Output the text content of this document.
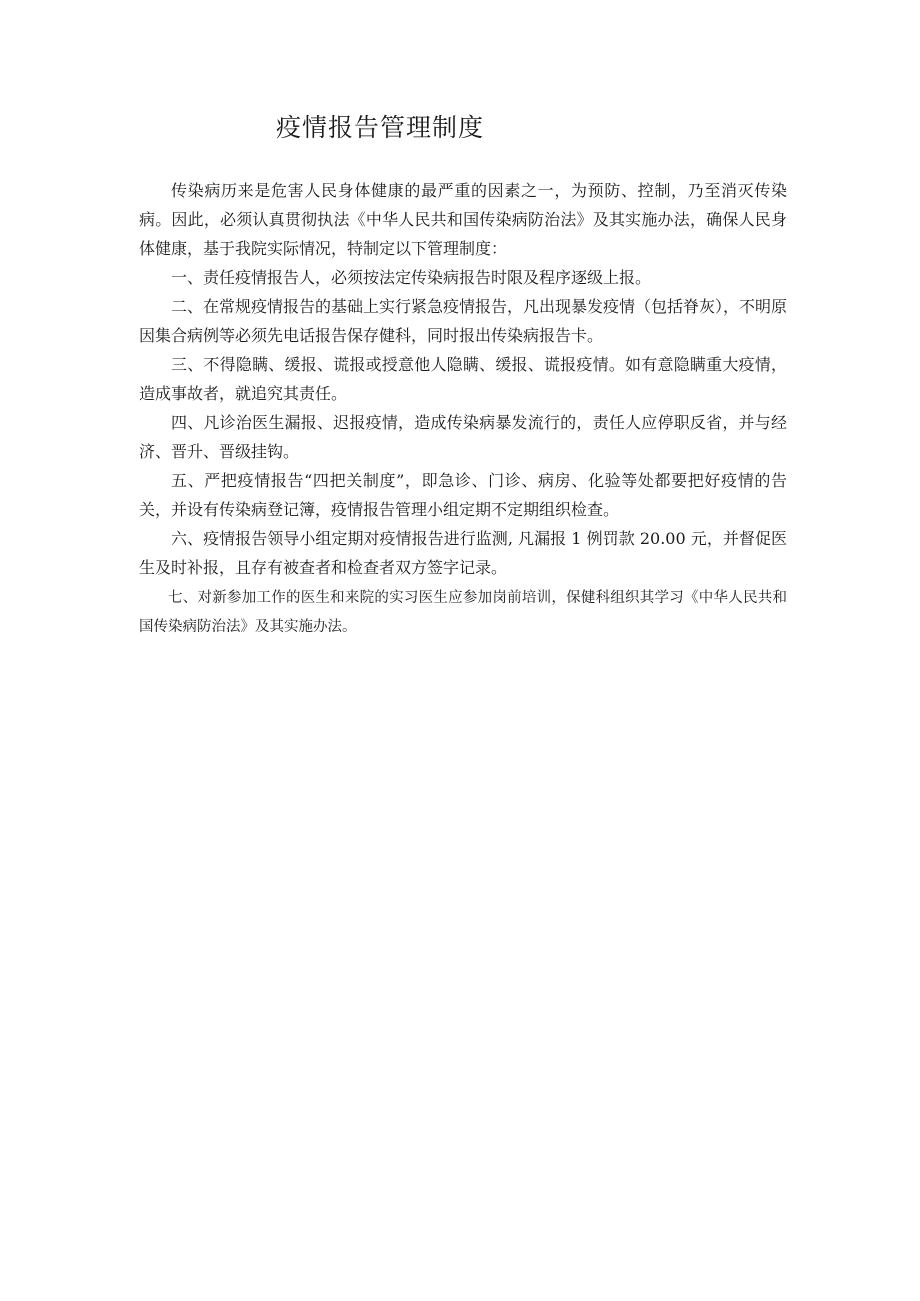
疫情报告管理制度

传染病历来是危害人民身体健康的最严重的因素之一，为预防、控制，乃至消灭传染病。因此，必须认真贯彻执法《中华人民共和国传染病防治法》及其实施办法，确保人民身体健康，基于我院实际情况，特制定以下管理制度：

一、责任疫情报告人，必须按法定传染病报告时限及程序逐级上报。

二、在常规疫情报告的基础上实行紧急疫情报告，凡出现暴发疫情（包括脊灰），不明原因集合病例等必须先电话报告保存健科，同时报出传染病报告卡。

三、不得隐瞒、缓报、谎报或授意他人隐瞒、缓报、谎报疫情。如有意隐瞒重大疫情，造成事故者，就追究其责任。

四、凡诊治医生漏报、迟报疫情，造成传染病暴发流行的，责任人应停职反省，并与经济、晋升、晋级挂钩。

五、严把疫情报告“四把关制度”，即急诊、门诊、病房、化验等处都要把好疫情的告关，并设有传染病登记簿，疫情报告管理小组定期不定期组织检查。

六、疫情报告领导小组定期对疫情报告进行监测, 凡漏报 1 例罚款 20.00 元，并督促医生及时补报，且存有被查者和检查者双方签字记录。

七、对新参加工作的医生和来院的实习医生应参加岗前培训，保健科组织其学习《中华人民共和国传染病防治法》及其实施办法。
